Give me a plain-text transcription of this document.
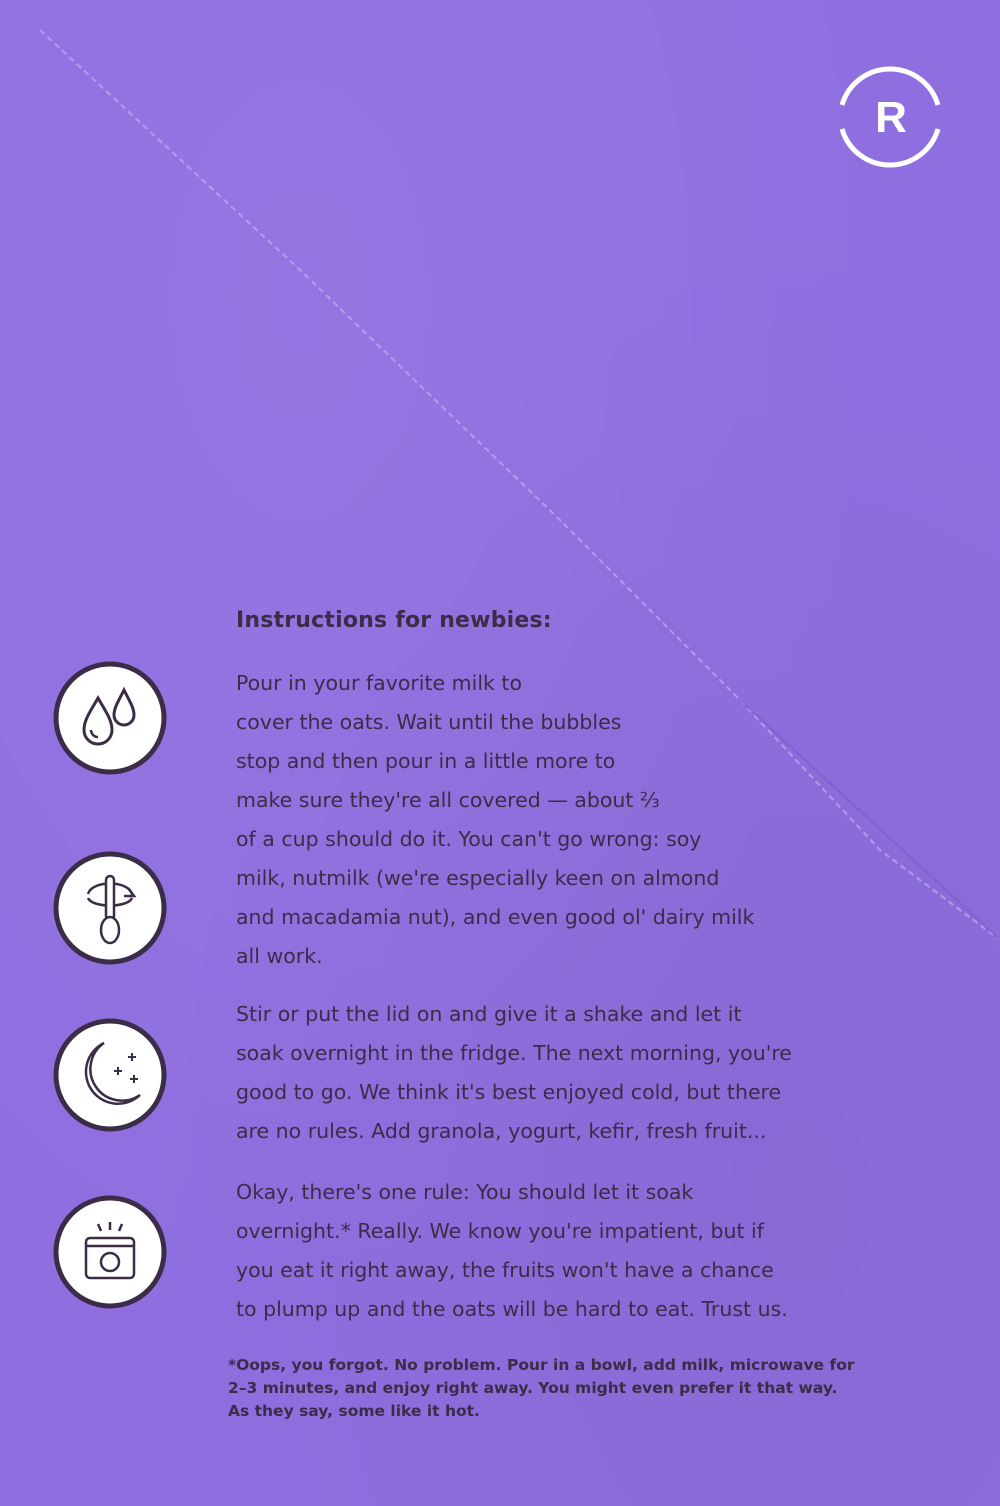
R
Instructions for newbies:

Pour in your favorite milk to
cover the oats. Wait until the bubbles
stop and then pour in a little more to
make sure they're all covered — about ⅔
of a cup should do it. You can't go wrong: soy
milk, nutmilk (we're especially keen on almond
and macadamia nut), and even good ol' dairy milk
all work.

Stir or put the lid on and give it a shake and let it
soak overnight in the fridge. The next morning, you're
good to go. We think it's best enjoyed cold, but there
are no rules. Add granola, yogurt, kefir, fresh fruit...

Okay, there's one rule: You should let it soak
overnight.* Really. We know you're impatient, but if
you eat it right away, the fruits won't have a chance
to plump up and the oats will be hard to eat. Trust us.

*Oops, you forgot. No problem. Pour in a bowl, add milk, microwave for
2–3 minutes, and enjoy right away. You might even prefer it that way.
As they say, some like it hot.
